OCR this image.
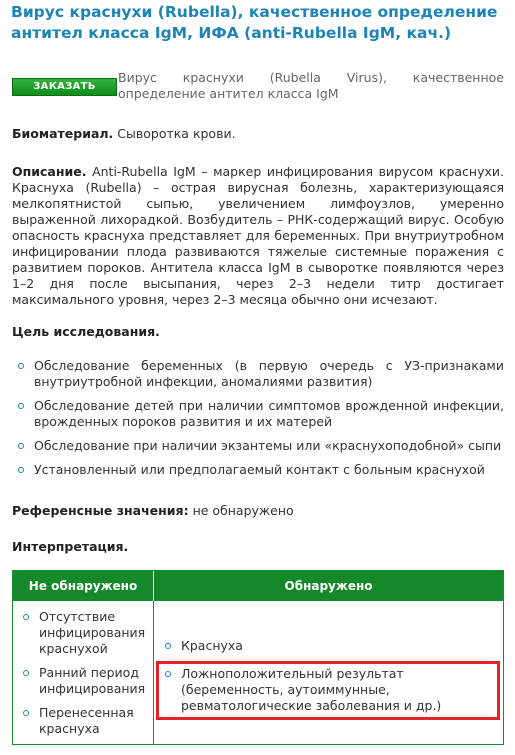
Вирус краснухи (Rubella), качественное определение антител класса IgM, ИФА (anti-Rubella IgM, кач.)
ЗАКАЗАТЬ
Вирус краснухи (Rubella Virus), качественное определение антител класса IgM
Биоматериал. Сыворотка крови.
Описание. Anti-Rubella IgM – маркер инфицирования вирусом краснухи. Краснуха (Rubella) – острая вирусная болезнь, характеризующаяся мелкопятнистой сыпью, увеличением лимфоузлов, умеренно выраженной лихорадкой. Возбудитель – РНК-содержащий вирус. Особую опасность краснуха представляет для беременных. При внутриутробном инфицировании плода развиваются тяжелые системные поражения с развитием пороков. Антитела класса IgM в сыворотке появляются через 1–2 дня после высыпания, через 2–3 недели титр достигает максимального уровня, через 2–3 месяца обычно они исчезают.
Цель исследования.
Обследование беременных (в первую очередь с УЗ-признаками внутриутробной инфекции, аномалиями развития)
Обследование детей при наличии симптомов врожденной инфекции, врожденных пороков развития и их матерей
Обследование при наличии экзантемы или «краснухоподобной» сыпи
Установленный или предполагаемый контакт с больным краснухой
Референсные значения: не обнаружено
Интерпретация.
Не обнаружено	Обнаружено
Отсутствие инфицирования краснухой
Ранний период инфицирования
Перенесенная краснуха
Краснуха
Ложноположительный результат (беременность, аутоиммунные, ревматологические заболевания и др.)
